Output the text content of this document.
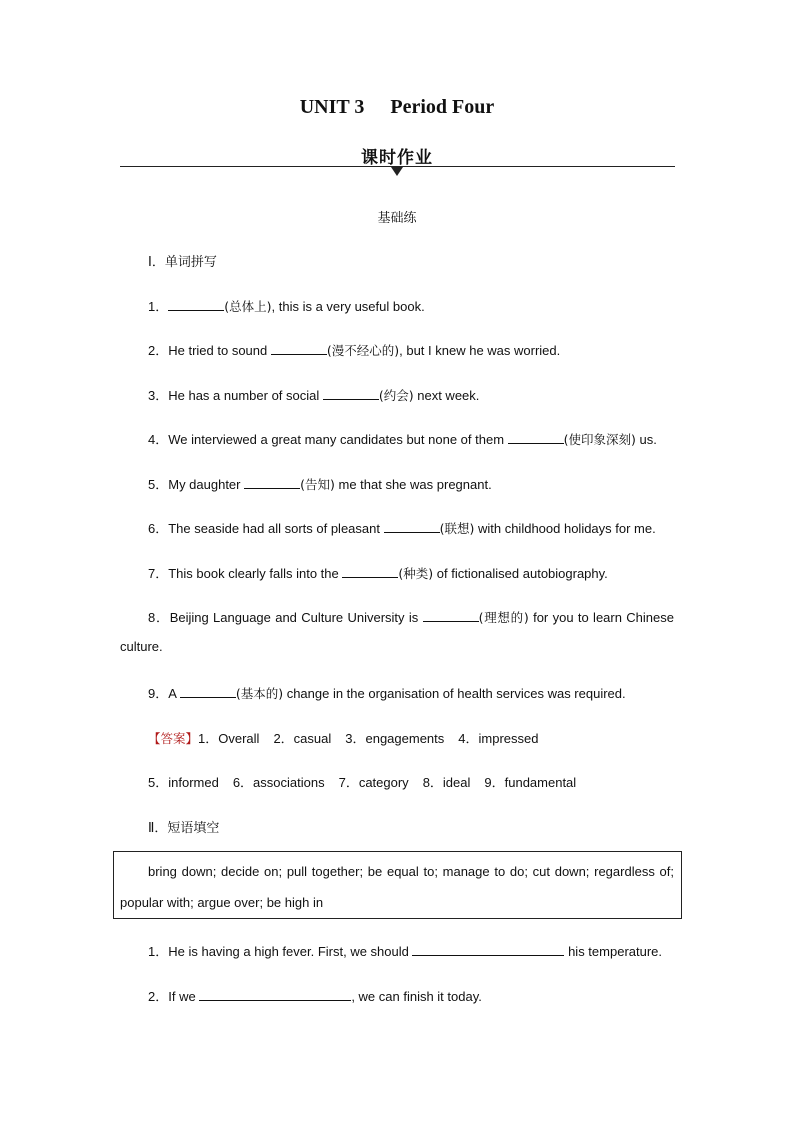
UNIT 3 Period Four
课时作业
基础练
Ⅰ．单词拼写
1．	(总体上), this is a very useful book.
2．He tried to sound	(漫不经心的), but I knew he was worried.
3．He has a number of social	(约会) next week.
4．We interviewed a great many candidates but none of them	(使印象深刻) us.
5．My daughter	(告知) me that she was pregnant.
6．The seaside had all sorts of pleasant	(联想) with childhood holidays for me.
7．This book clearly falls into the	(种类) of fictionalised autobiography.
8．Beijing Language and Culture University is	(理想的) for you to learn Chinese
culture.
9．A	(基本的) change in the organisation of health services was required.
【答案】1．Overall 2．casual 3．engagements 4．impressed
5．informed 6．associations 7．category 8．ideal 9．fundamental
Ⅱ．短语填空
bring down; decide on; pull together; be equal to; manage to do; cut down; regardless of;
popular with; argue over; be high in
1．He is having a high fever. First, we should	his temperature.
2．If we	, we can finish it today.
